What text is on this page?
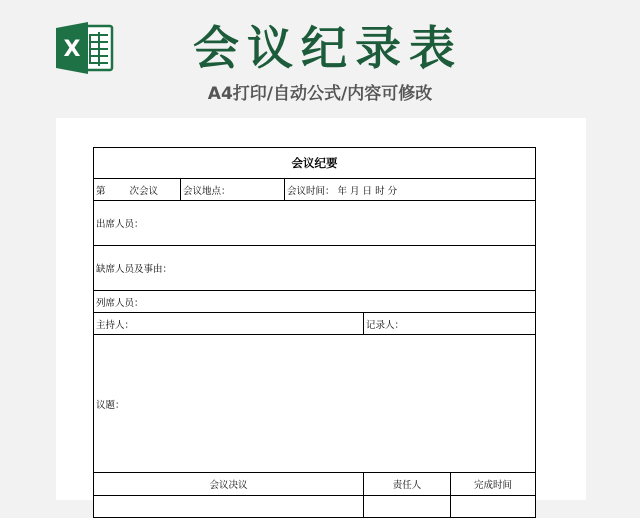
X	会议纪录表
A4打印/自动公式/内容可修改
会议纪要				
第 次会议	会议地点：	会议时间： 年 月 日 时 分		
出席人员：				
缺席人员及事由：				
列席人员：				
主持人：			记录人：	
议题：				
会议决议			责任人	完成时间
